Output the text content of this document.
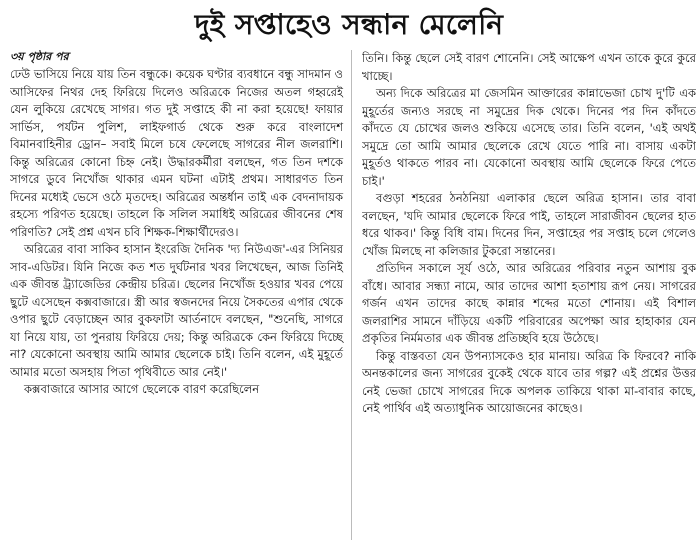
দুই সপ্তাহেও সন্ধান মেলেনি
৩য় পৃষ্ঠার পর

ঢেউ ভাসিয়ে নিয়ে যায় তিন বন্ধুকে। কয়েক ঘণ্টার ব্যবধানে বন্ধু সাদমান ও আসিফের নিথর দেহ ফিরিয়ে দিলেও অরিত্রকে নিজের অতল গহ্বরেই যেন লুকিয়ে রেখেছে সাগর। গত দুই সপ্তাহে কী না করা হয়েছে! ফায়ার সার্ভিস, পর্যটন পুলিশ, লাইফগার্ড থেকে শুরু করে বাংলাদেশ বিমানবাহিনীর ড্রোন– সবাই মিলে চষে ফেলেছে সাগরের নীল জলরাশি। কিন্তু অরিত্রের কোনো চিহ্ন নেই। উদ্ধারকর্মীরা বলছেন, গত তিন দশকে সাগরে ডুবে নিখোঁজ থাকার এমন ঘটনা এটাই প্রথম। সাধারণত তিন দিনের মধ্যেই ভেসে ওঠে মৃতদেহ। অরিত্রের অন্তর্ধান তাই এক বেদনাদায়ক রহস্যে পরিণত হয়েছে। তাহলে কি সলিল সমাধিই অরিত্রের জীবনের শেষ পরিণতি? সেই প্রশ্ন এখন চবি শিক্ষক-শিক্ষার্থীদেরও।

অরিত্রের বাবা সাকিব হাসান ইংরেজি দৈনিক 'দ্য নিউএজ'-এর সিনিয়র সাব-এডিটর। যিনি নিজে কত শত দুর্ঘটনার খবর লিখেছেন, আজ তিনিই এক জীবন্ত ট্র্যাজেডির কেন্দ্রীয় চরিত্র। ছেলের নিখোঁজ হওয়ার খবর পেয়ে ছুটে এসেছেন কক্সবাজারে। স্ত্রী আর স্বজনদের নিয়ে সৈকতের এপার থেকে ওপার ছুটে বেড়াচ্ছেন আর বুকফাটা আর্তনাদে বলছেন, "শুনেছি, সাগরে যা নিয়ে যায়, তা পুনরায় ফিরিয়ে দেয়; কিন্তু অরিত্রকে কেন ফিরিয়ে দিচ্ছে না? যেকোনো অবস্থায় আমি আমার ছেলেকে চাই। তিনি বলেন, এই মুহূর্তে আমার মতো অসহায় পিতা পৃথিবীতে আর নেই।'

কক্সবাজারে আসার আগে ছেলেকে বারণ করেছিলেন

তিনি। কিন্তু ছেলে সেই বারণ শোনেনি। সেই আক্ষেপ এখন তাকে কুরে কুরে খাচ্ছে।

অন্য দিকে অরিত্রের মা জেসমিন আক্তারের কান্নাভেজা চোখ দু'টি এক মুহূর্তের জন্যও সরছে না সমুদ্রের দিক থেকে। দিনের পর দিন কাঁদতে কাঁদতে যে চোখের জলও শুকিয়ে এসেছে তার। তিনি বলেন, 'এই অথই সমুদ্রে তো আমি আমার ছেলেকে রেখে যেতে পারি না। বাসায় একটা মুহূর্তও থাকতে পারব না। যেকোনো অবস্থায় আমি ছেলেকে ফিরে পেতে চাই।'

বগুড়া শহরের ঠনঠনিয়া এলাকার ছেলে অরিত্র হাসান। তার বাবা বলছেন, 'যদি আমার ছেলেকে ফিরে পাই, তাহলে সারাজীবন ছেলের হাত ধরে থাকব।' কিন্তু বিধি বাম। দিনের দিন, সপ্তাহের পর সপ্তাহ চলে গেলেও খোঁজ মিলছে না কলিজার টুকরো সন্তানের।

প্রতিদিন সকালে সূর্য ওঠে, আর অরিত্রের পরিবার নতুন আশায় বুক বাঁধে। আবার সন্ধ্যা নামে, আর তাদের আশা হতাশায় রূপ নেয়। সাগরের গর্জন এখন তাদের কাছে কান্নার শব্দের মতো শোনায়। এই বিশাল জলরাশির সামনে দাঁড়িয়ে একটি পরিবারের অপেক্ষা আর হাহাকার যেন প্রকৃতির নির্মমতার এক জীবন্ত প্রতিচ্ছবি হয়ে উঠেছে।

কিন্তু বাস্তবতা যেন উপন্যাসকেও হার মানায়। অরিত্র কি ফিরবে? নাকি অনন্তকালের জন্য সাগরের বুকেই থেকে যাবে তার গল্প? এই প্রশ্নের উত্তর নেই ভেজা চোখে সাগরের দিকে অপলক তাকিয়ে থাকা মা-বাবার কাছে, নেই পার্থিব এই অত্যাধুনিক আয়োজনের কাছেও।
